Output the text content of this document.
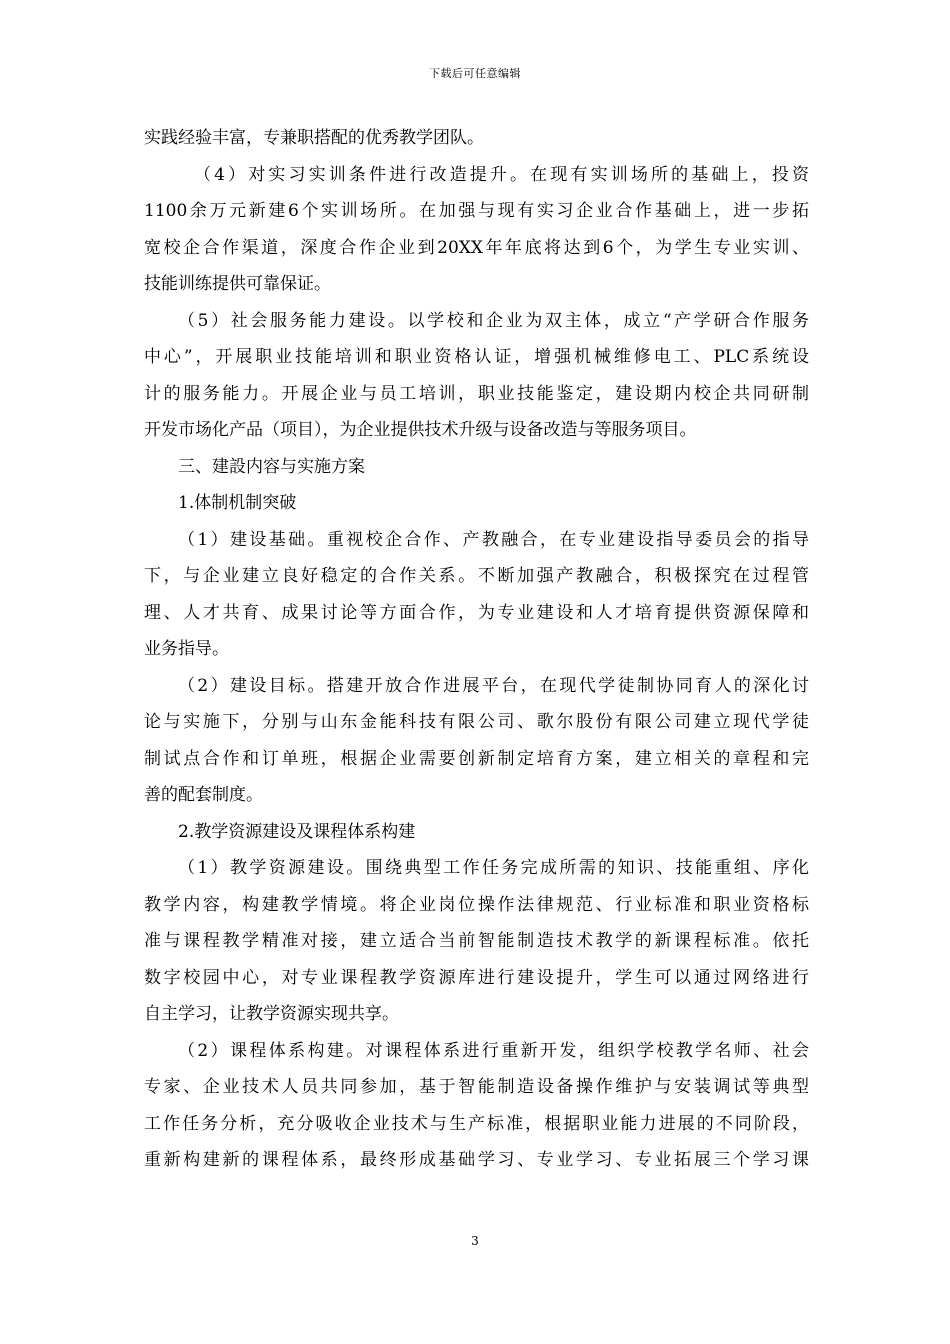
下载后可任意编辑
实践经验丰富，专兼职搭配的优秀教学团队。
（4）对实习实训条件进行改造提升。在现有实训场所的基础上，投资
1100余万元新建6个实训场所。在加强与现有实习企业合作基础上，进一步拓
宽校企合作渠道，深度合作企业到20XX年年底将达到6个，为学生专业实训、
技能训练提供可靠保证。
（5）社会服务能力建设。以学校和企业为双主体，成立“产学研合作服务
中心”，开展职业技能培训和职业资格认证，增强机械维修电工、PLC系统设
计的服务能力。开展企业与员工培训，职业技能鉴定，建设期内校企共同研制
开发市场化产品（项目），为企业提供技术升级与设备改造与等服务项目。
三、建設内容与实施方案
1.体制机制突破
（1）建设基础。重视校企合作、产教融合，在专业建设指导委员会的指导
下，与企业建立良好稳定的合作关系。不断加强产教融合，积极探究在过程管
理、人才共育、成果讨论等方面合作，为专业建设和人才培育提供资源保障和
业务指导。
（2）建设目标。搭建开放合作进展平台，在现代学徒制协同育人的深化讨
论与实施下，分别与山东金能科技有限公司、歌尔股份有限公司建立现代学徒
制试点合作和订单班，根据企业需要创新制定培育方案，建立相关的章程和完
善的配套制度。
2.教学资源建设及课程体系构建
（1）教学资源建设。围绕典型工作任务完成所需的知识、技能重组、序化
教学内容，构建教学情境。将企业岗位操作法律规范、行业标准和职业资格标
准与课程教学精准对接，建立适合当前智能制造技术教学的新课程标准。依托
数字校园中心，对专业课程教学资源库进行建设提升，学生可以通过网络进行
自主学习，让教学资源实现共享。
（2）课程体系构建。对课程体系进行重新开发，组织学校教学名师、社会
专家、企业技术人员共同参加，基于智能制造设备操作维护与安装调试等典型
工作任务分析，充分吸收企业技术与生产标准，根据职业能力进展的不同阶段，
重新构建新的课程体系，最终形成基础学习、专业学习、专业拓展三个学习课
3
